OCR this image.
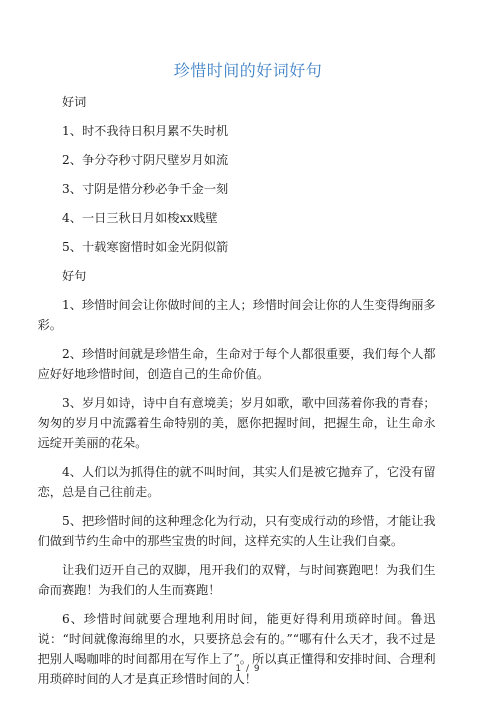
珍惜时间的好词好句

好词

1、时不我待日积月累不失时机

2、争分夺秒寸阴尺壁岁月如流

3、寸阴是惜分秒必争千金一刻

4、一日三秋日月如梭xx贱壁

5、十载寒窗惜时如金光阴似箭

好句

1、珍惜时间会让你做时间的主人；珍惜时间会让你的人生变得绚丽多彩。

2、珍惜时间就是珍惜生命，生命对于每个人都很重要，我们每个人都应好好地珍惜时间，创造自己的生命价值。

3、岁月如诗，诗中自有意境美；岁月如歌，歌中回荡着你我的青春；匆匆的岁月中流露着生命特别的美，愿你把握时间，把握生命，让生命永远绽开美丽的花朵。

4、人们以为抓得住的就不叫时间，其实人们是被它抛弃了，它没有留恋，总是自己往前走。

5、把珍惜时间的这种理念化为行动，只有变成行动的珍惜，才能让我们做到节约生命中的那些宝贵的时间，这样充实的人生让我们自豪。

让我们迈开自己的双脚，甩开我们的双臂，与时间赛跑吧！为我们生命而赛跑！为我们的人生而赛跑！

6、珍惜时间就要合理地利用时间，能更好得利用琐碎时间。鲁迅说：“时间就像海绵里的水，只要挤总会有的。”“哪有什么天才，我不过是把别人喝咖啡的时间都用在写作上了”。所以真正懂得和安排时间、合理利用琐碎时间的人才是真正珍惜时间的人！

1 / 9
